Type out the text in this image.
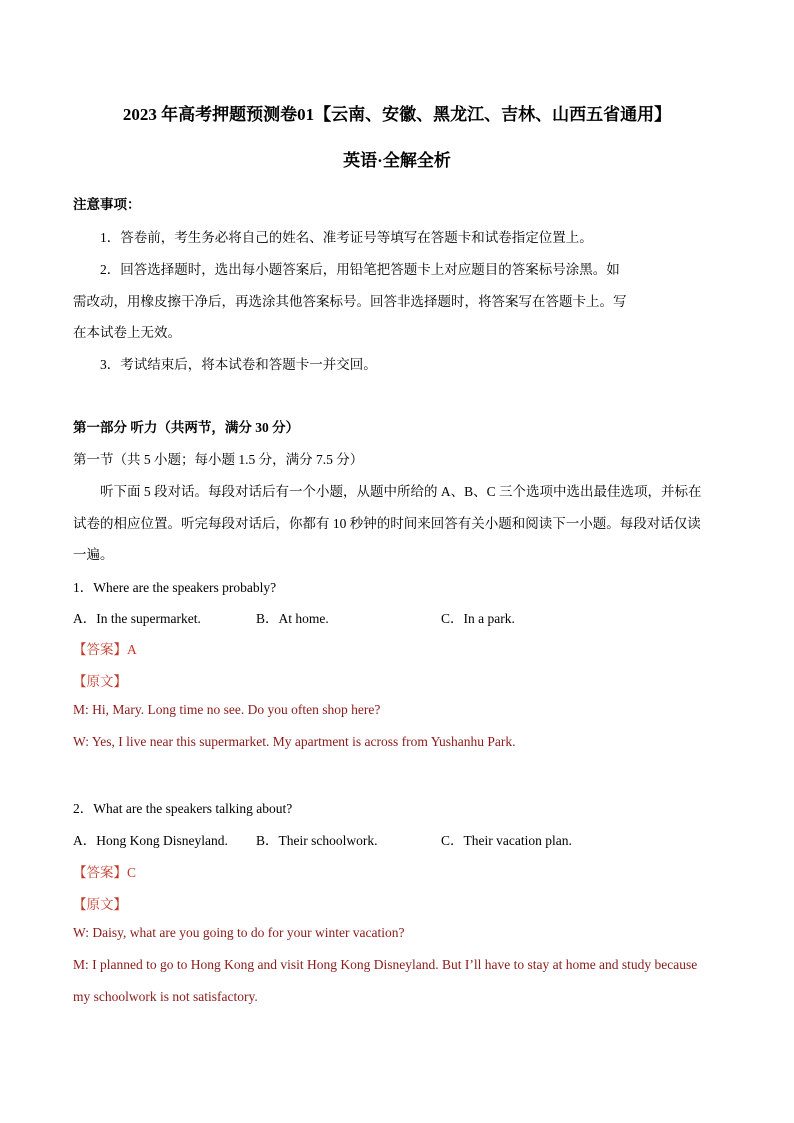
2023 年高考押题预测卷01【云南、安徽、黑龙江、吉林、山西五省通用】
英语·全解全析
注意事项：
1．答卷前，考生务必将自己的姓名、准考证号等填写在答题卡和试卷指定位置上。
2．回答选择题时，选出每小题答案后，用铅笔把答题卡上对应题目的答案标号涂黑。如
需改动，用橡皮擦干净后，再选涂其他答案标号。回答非选择题时，将答案写在答题卡上。写
在本试卷上无效。
3．考试结束后，将本试卷和答题卡一并交回。
第一部分 听力（共两节，满分 30 分）
第一节（共 5 小题；每小题 1.5 分，满分 7.5 分）
听下面 5 段对话。每段对话后有一个小题，从题中所给的 A、B、C 三个选项中选出最佳选项，并标在
试卷的相应位置。听完每段对话后，你都有 10 秒钟的时间来回答有关小题和阅读下一小题。每段对话仅读
一遍。
1．Where are the speakers probably?
A．In the supermarket.	B．At home.	C．In a park.
【答案】A
【原文】
M: Hi, Mary. Long time no see. Do you often shop here?
W: Yes, I live near this supermarket. My apartment is across from Yushanhu Park.
2．What are the speakers talking about?
A．Hong Kong Disneyland. B．Their schoolwork.	C．Their vacation plan.
【答案】C
【原文】
W: Daisy, what are you going to do for your winter vacation?
M: I planned to go to Hong Kong and visit Hong Kong Disneyland. But I’ll have to stay at home and study because
my schoolwork is not satisfactory.
